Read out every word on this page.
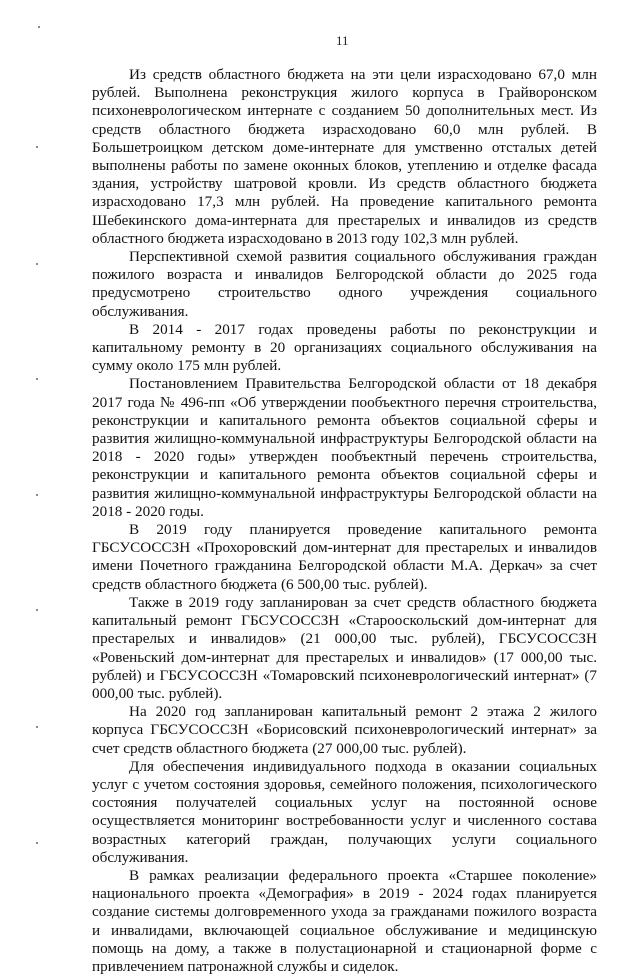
11

Из средств областного бюджета на эти цели израсходовано 67,0 млн рублей. Выполнена реконструкция жилого корпуса в Грайворонском психоневрологическом интернате с созданием 50 дополнительных мест. Из средств областного бюджета израсходовано 60,0 млн рублей. В Большетроицком детском доме-интернате для умственно отсталых детей выполнены работы по замене оконных блоков, утеплению и отделке фасада здания, устройству шатровой кровли. Из средств областного бюджета израсходовано 17,3 млн рублей. На проведение капитального ремонта Шебекинского дома-интерната для престарелых и инвалидов из средств областного бюджета израсходовано в 2013 году 102,3 млн рублей.

Перспективной схемой развития социального обслуживания граждан пожилого возраста и инвалидов Белгородской области до 2025 года предусмотрено строительство одного учреждения социального обслуживания.

В 2014 - 2017 годах проведены работы по реконструкции и капитальному ремонту в 20 организациях социального обслуживания на сумму около 175 млн рублей.

Постановлением Правительства Белгородской области от 18 декабря 2017 года № 496-пп «Об утверждении пообъектного перечня строительства, реконструкции и капитального ремонта объектов социальной сферы и развития жилищно-коммунальной инфраструктуры Белгородской области на 2018 - 2020 годы» утвержден пообъектный перечень строительства, реконструкции и капитального ремонта объектов социальной сферы и развития жилищно-коммунальной инфраструктуры Белгородской области на 2018 - 2020 годы.

В 2019 году планируется проведение капитального ремонта ГБСУСОССЗН «Прохоровский дом-интернат для престарелых и инвалидов имени Почетного гражданина Белгородской области М.А. Деркач» за счет средств областного бюджета (6 500,00 тыс. рублей).

Также в 2019 году запланирован за счет средств областного бюджета капитальный ремонт ГБСУСОССЗН «Старооскольский дом-интернат для престарелых и инвалидов» (21 000,00 тыс. рублей), ГБСУСОССЗН «Ровеньский дом-интернат для престарелых и инвалидов» (17 000,00 тыс. рублей) и ГБСУСОССЗН «Томаровский психоневрологический интернат» (7 000,00 тыс. рублей).

На 2020 год запланирован капитальный ремонт 2 этажа 2 жилого корпуса ГБСУСОССЗН «Борисовский психоневрологический интернат» за счет средств областного бюджета (27 000,00 тыс. рублей).

Для обеспечения индивидуального подхода в оказании социальных услуг с учетом состояния здоровья, семейного положения, психологического состояния получателей социальных услуг на постоянной основе осуществляется мониторинг востребованности услуг и численного состава возрастных категорий граждан, получающих услуги социального обслуживания.

В рамках реализации федерального проекта «Старшее поколение» национального проекта «Демография» в 2019 - 2024 годах планируется создание системы долговременного ухода за гражданами пожилого возраста и инвалидами, включающей социальное обслуживание и медицинскую помощь на дому, а также в полустационарной и стационарной форме с привлечением патронажной службы и сиделок.
